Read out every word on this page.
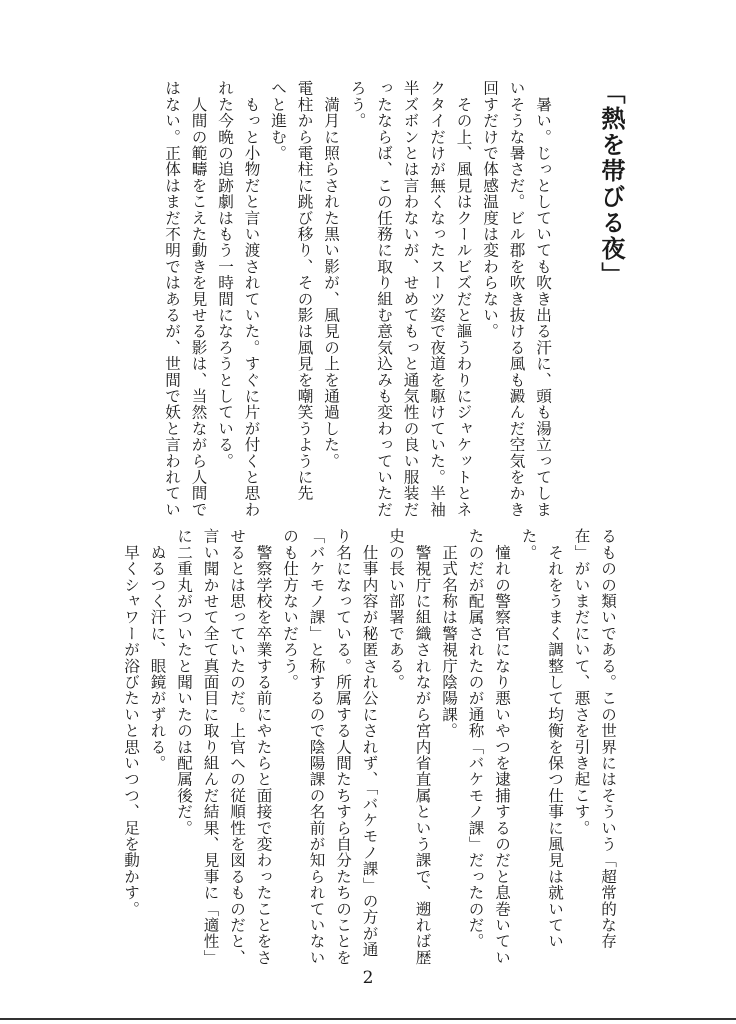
「熱を帯びる夜」

　暑い。じっとしていても吹き出る汗に、頭も湯立ってしま
いそうな暑さだ。ビル郡を吹き抜ける風も澱んだ空気をかき
回すだけで体感温度は変わらない。
　その上、風見はクールビズだと謳うわりにジャケットとネ
クタイだけが無くなったスーツ姿で夜道を駆けていた。半袖
半ズボンとは言わないが、せめてもっと通気性の良い服装だ
ったならば、この任務に取り組む意気込みも変わっていただ
ろう。
　満月に照らされた黒い影が、風見の上を通過した。
電柱から電柱に跳び移り、その影は風見を嘲笑うように先
へと進む。
　もっと小物だと言い渡されていた。すぐに片が付くと思わ
れた今晩の追跡劇はもう一時間になろうとしている。
　人間の範疇をこえた動きを見せる影は、当然ながら人間で
はない。正体はまだ不明ではあるが、世間で妖と言われてい

るものの類いである。この世界にはそういう「超常的な存
在」がいまだにいて、悪さを引き起こす。
　それをうまく調整して均衡を保つ仕事に風見は就いてい
た。
　憧れの警察官になり悪いやつを逮捕するのだと息巻いてい
たのだが配属されたのが通称「バケモノ課」だったのだ。
　正式名称は警視庁陰陽課。
　警視庁に組織されながら宮内省直属という課で、遡れば歴
史の長い部署である。
　仕事内容が秘匿され公にされず、「バケモノ課」の方が通
り名になっている。所属する人間たちすら自分たちのことを
「バケモノ課」と称するので陰陽課の名前が知られていない
のも仕方ないだろう。
　警察学校を卒業する前にやたらと面接で変わったことをさ
せるとは思っていたのだ。上官への従順性を図るものだと、
言い聞かせて全て真面目に取り組んだ結果、見事に「適性」
に二重丸がついたと聞いたのは配属後だ。
　ぬるつく汗に、眼鏡がずれる。
　早くシャワーが浴びたいと思いつつ、足を動かす。

2
